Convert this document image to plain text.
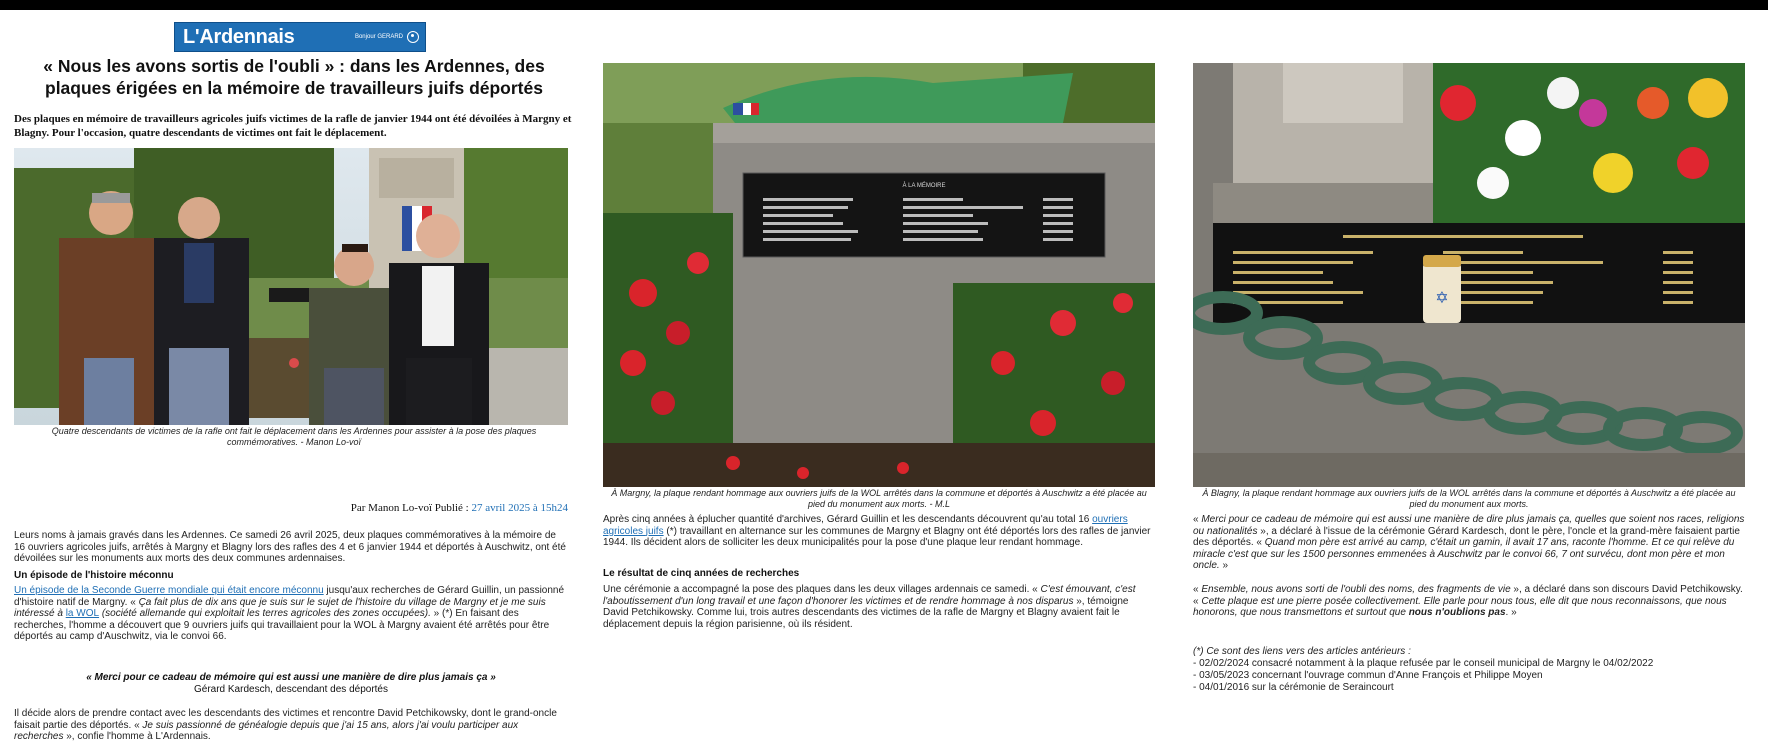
L'Ardennais	Bonjour GERARD
« Nous les avons sortis de l'oubli » : dans les Ardennes, des plaques érigées en la mémoire de travailleurs juifs déportés

Des plaques en mémoire de travailleurs agricoles juifs victimes de la rafle de janvier 1944 ont été dévoilées à Margny et Blagny. Pour l'occasion, quatre descendants de victimes ont fait le déplacement.

Quatre descendants de victimes de la rafle ont fait le déplacement dans les Ardennes pour assister à la pose des plaques commémoratives. - Manon Lo-voï

Par Manon Lo-voï Publié : 27 avril 2025 à 15h24

Leurs noms à jamais gravés dans les Ardennes. Ce samedi 26 avril 2025, deux plaques commémoratives à la mémoire de 16 ouvriers agricoles juifs, arrêtés à Margny et Blagny lors des rafles des 4 et 6 janvier 1944 et déportés à Auschwitz, ont été dévoilées sur les monuments aux morts des deux communes ardennaises.

Un épisode de l'histoire méconnu

Un épisode de la Seconde Guerre mondiale qui était encore méconnu jusqu'aux recherches de Gérard Guillin, un passionné d'histoire natif de Margny. « Ça fait plus de dix ans que je suis sur le sujet de l'histoire du village de Margny et je me suis intéressé à la WOL (société allemande qui exploitait les terres agricoles des zones occupées). » (*) En faisant des recherches, l'homme a découvert que 9 ouvriers juifs qui travaillaient pour la WOL à Margny avaient été arrêtés pour être déportés au camp d'Auschwitz, via le convoi 66.

« Merci pour ce cadeau de mémoire qui est aussi une manière de dire plus jamais ça »

Gérard Kardesch, descendant des déportés

Il décide alors de prendre contact avec les descendants des victimes et rencontre David Petchikowsky, dont le grand-oncle faisait partie des déportés. « Je suis passionné de généalogie depuis que j'ai 15 ans, alors j'ai voulu participer aux recherches », confie l'homme à L'Ardennais.

À LA MÉMOIRE

À Margny, la plaque rendant hommage aux ouvriers juifs de la WOL arrêtés dans la commune et déportés à Auschwitz a été placée au pied du monument aux morts. - M.L

Après cinq années à éplucher quantité d'archives, Gérard Guillin et les descendants découvrent qu'au total 16 ouvriers agricoles juifs (*) travaillant en alternance sur les communes de Margny et Blagny ont été déportés lors des rafles de janvier 1944. Ils décident alors de solliciter les deux municipalités pour la pose d'une plaque leur rendant hommage.

Le résultat de cinq années de recherches

Une cérémonie a accompagné la pose des plaques dans les deux villages ardennais ce samedi. « C'est émouvant, c'est l'aboutissement d'un long travail et une façon d'honorer les victimes et de rendre hommage à nos disparus », témoigne David Petchikowsky. Comme lui, trois autres descendants des victimes de la rafle de Margny et Blagny avaient fait le déplacement depuis la région parisienne, où ils résident.

✡

À Blagny, la plaque rendant hommage aux ouvriers juifs de la WOL arrêtés dans la commune et déportés à Auschwitz a été placée au pied du monument aux morts.

« Merci pour ce cadeau de mémoire qui est aussi une manière de dire plus jamais ça, quelles que soient nos races, religions ou nationalités », a déclaré à l'issue de la cérémonie Gérard Kardesch, dont le père, l'oncle et la grand-mère faisaient partie des déportés. « Quand mon père est arrivé au camp, c'était un gamin, il avait 17 ans, raconte l'homme. Et ce qui relève du miracle c'est que sur les 1500 personnes emmenées à Auschwitz par le convoi 66, 7 ont survécu, dont mon père et mon oncle. »

« Ensemble, nous avons sorti de l'oubli des noms, des fragments de vie », a déclaré dans son discours David Petchikowsky. « Cette plaque est une pierre posée collectivement. Elle parle pour nous tous, elle dit que nous reconnaissons, que nous honorons, que nous transmettons et surtout que nous n'oublions pas. »

(*) Ce sont des liens vers des articles antérieurs :

- 02/02/2024 consacré notamment à la plaque refusée par le conseil municipal de Margny le 04/02/2022

- 03/05/2023 concernant l'ouvrage commun d'Anne François et Philippe Moyen

- 04/01/2016 sur la cérémonie de Seraincourt
